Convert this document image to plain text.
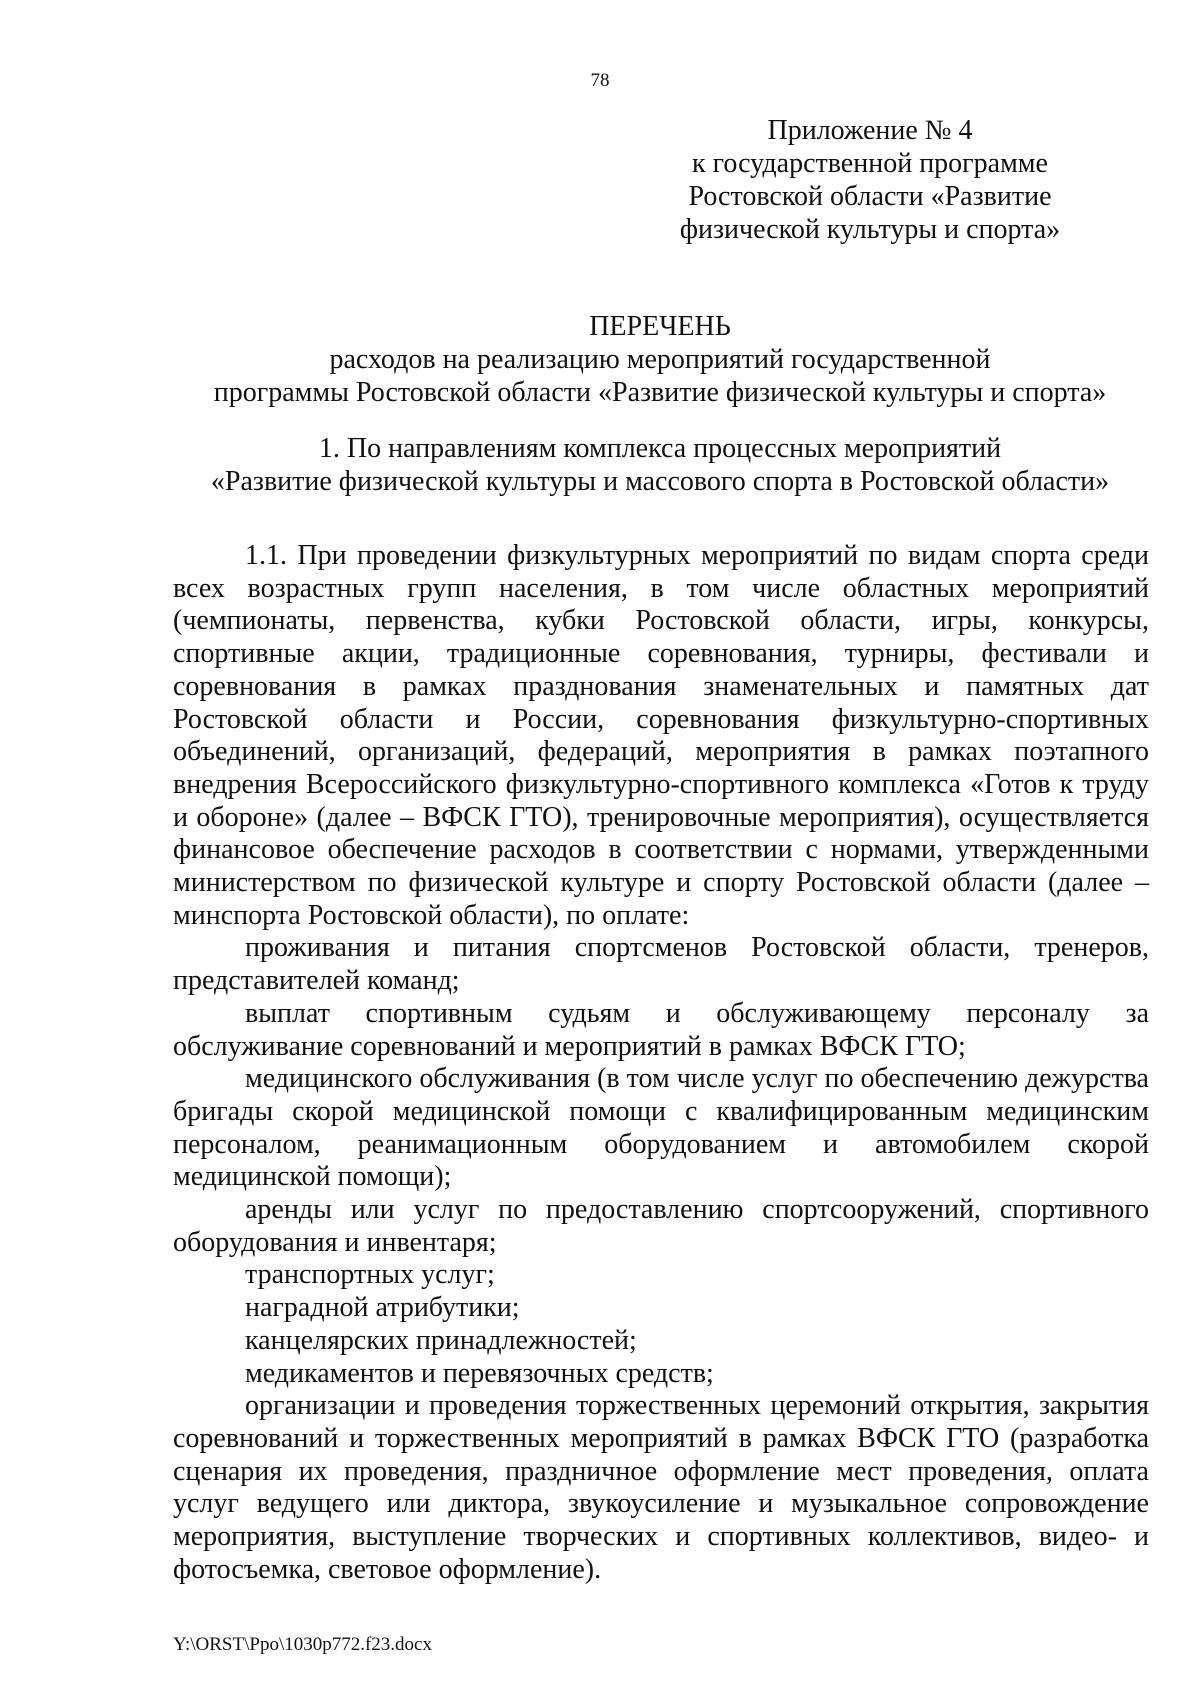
78
Приложение № 4
к государственной программе
Ростовской области «Развитие
физической культуры и спорта»
ПЕРЕЧЕНЬ
расходов на реализацию мероприятий государственной
программы Ростовской области «Развитие физической культуры и спорта»
1. По направлениям комплекса процессных мероприятий
«Развитие физической культуры и массового спорта в Ростовской области»

1.1. При проведении физкультурных мероприятий по видам спорта среди всех возрастных групп населения, в том числе областных мероприятий (чемпионаты, первенства, кубки Ростовской области, игры, конкурсы, спортивные акции, традиционные соревнования, турниры, фестивали и соревнования в рамках празднования знаменательных и памятных дат Ростовской области и России, соревнования физкультурно-спортивных объединений, организаций, федераций, мероприятия в рамках поэтапного внедрения Всероссийского физкультурно-спортивного комплекса «Готов к труду и обороне» (далее – ВФСК ГТО), тренировочные мероприятия), осуществляется финансовое обеспечение расходов в соответствии с нормами, утвержденными министерством по физической культуре и спорту Ростовской области (далее – минспорта Ростовской области), по оплате:

проживания и питания спортсменов Ростовской области, тренеров, представителей команд;

выплат спортивным судьям и обслуживающему персоналу за обслуживание соревнований и мероприятий в рамках ВФСК ГТО;

медицинского обслуживания (в том числе услуг по обеспечению дежурства бригады скорой медицинской помощи с квалифицированным медицинским персоналом, реанимационным оборудованием и автомобилем скорой медицинской помощи);

аренды или услуг по предоставлению спортсооружений, спортивного оборудования и инвентаря;

транспортных услуг;

наградной атрибутики;

канцелярских принадлежностей;

медикаментов и перевязочных средств;

организации и проведения торжественных церемоний открытия, закрытия соревнований и торжественных мероприятий в рамках ВФСК ГТО (разработка сценария их проведения, праздничное оформление мест проведения, оплата услуг ведущего или диктора, звукоусиление и музыкальное сопровождение мероприятия, выступление творческих и спортивных коллективов, видео- и фотосъемка, световое оформление).

Y:\ORST\Ppo\1030p772.f23.docx
